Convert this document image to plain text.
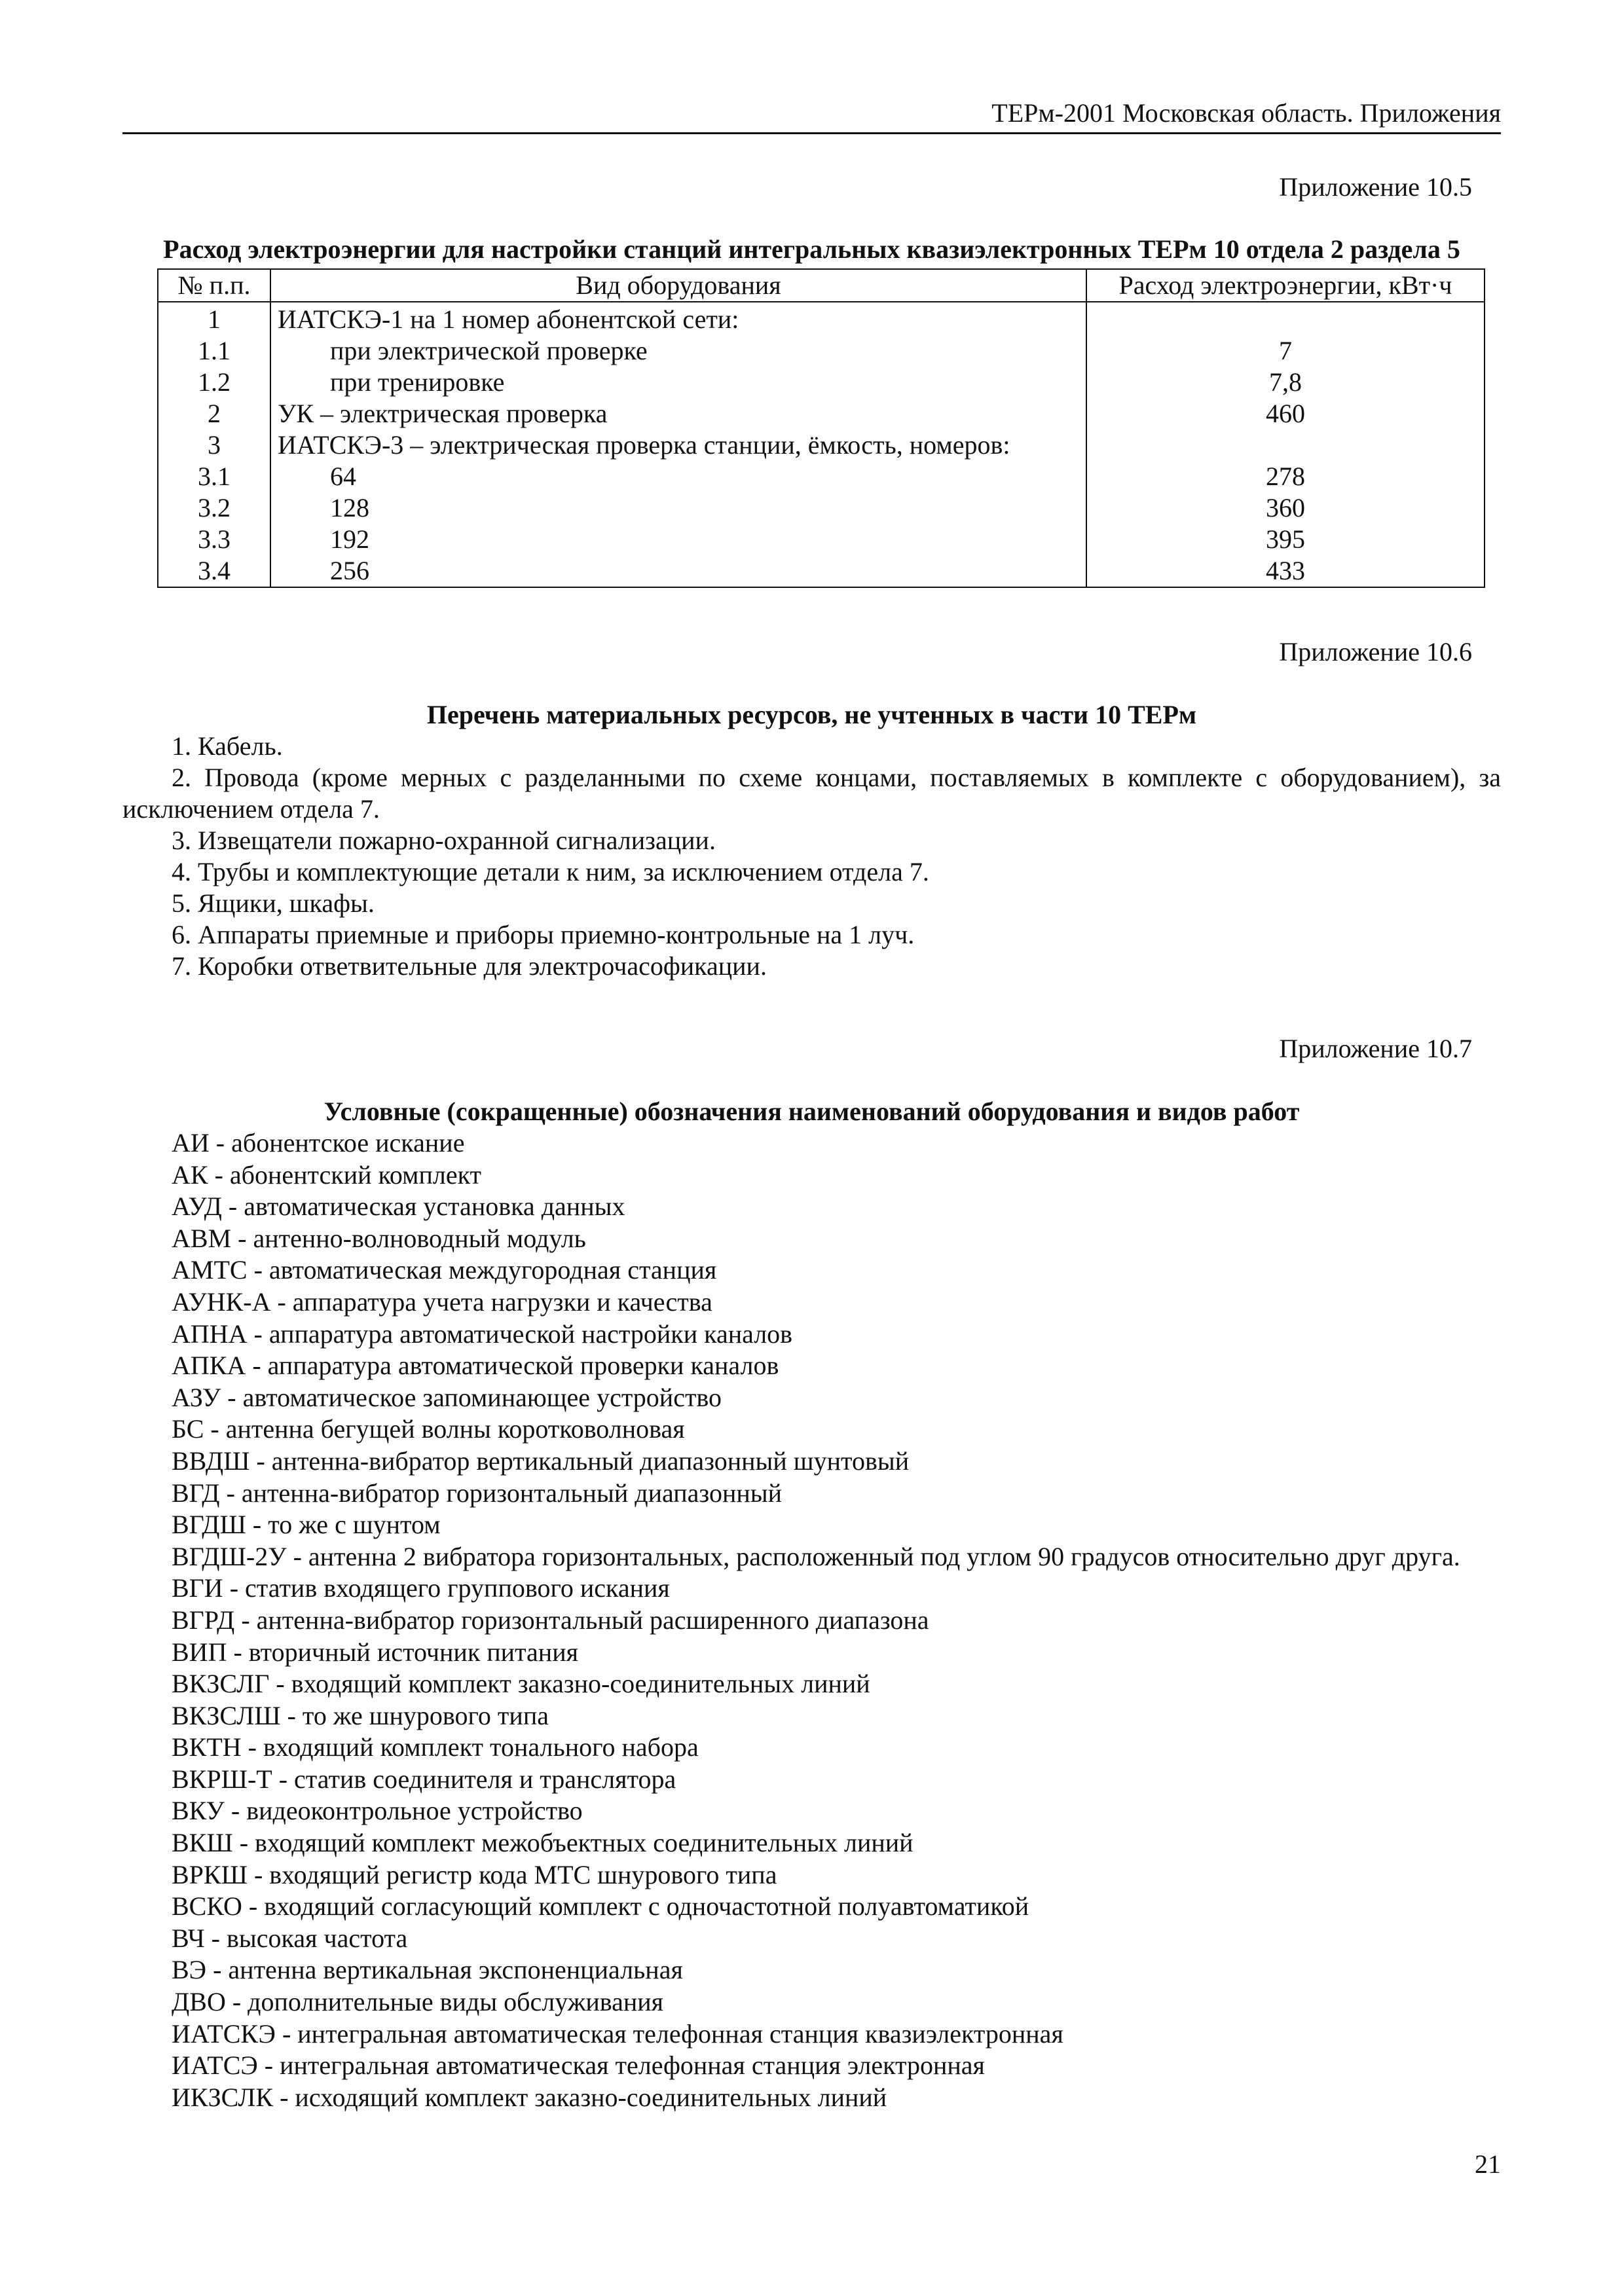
ТЕРм-2001 Московская область. Приложения
Приложение 10.5
Расход электроэнергии для настройки станций интегральных квазиэлектронных ТЕРм 10 отдела 2 раздела 5
№ п.п.	Вид оборудования	Расход электроэнергии, кВт·ч
1	ИАТСКЭ-1 на 1 номер абонентской сети:	
1.1	при электрической проверке	7
1.2	при тренировке	7,8
2	УК – электрическая проверка	460
3	ИАТСКЭ-3 – электрическая проверка станции, ёмкость, номеров:	
3.1	64	278
3.2	128	360
3.3	192	395
3.4	256	433
Приложение 10.6
Перечень материальных ресурсов, не учтенных в части 10 ТЕРм

1. Кабель.

2. Провода (кроме мерных с разделанными по схеме концами, поставляемых в комплекте с оборудованием), за исключением отдела 7.

3. Извещатели пожарно-охранной сигнализации.

4. Трубы и комплектующие детали к ним, за исключением отдела 7.

5. Ящики, шкафы.

6. Аппараты приемные и приборы приемно-контрольные на 1 луч.

7. Коробки ответвительные для электрочасофикации.

Приложение 10.7
Условные (сокращенные) обозначения наименований оборудования и видов работ

АИ - абонентское искание

АК - абонентский комплект

АУД - автоматическая установка данных

АВМ - антенно-волноводный модуль

АМТС - автоматическая междугородная станция

АУНК-А - аппаратура учета нагрузки и качества

АПНА - аппаратура автоматической настройки каналов

АПКА - аппаратура автоматической проверки каналов

АЗУ - автоматическое запоминающее устройство

БС - антенна бегущей волны коротковолновая

ВВДШ - антенна-вибратор вертикальный диапазонный шунтовый

ВГД - антенна-вибратор горизонтальный диапазонный

ВГДШ - то же с шунтом

ВГДШ-2У - антенна 2 вибратора горизонтальных, расположенный под углом 90 градусов относительно друг друга.

ВГИ - статив входящего группового искания

ВГРД - антенна-вибратор горизонтальный расширенного диапазона

ВИП - вторичный источник питания

ВКЗСЛГ - входящий комплект заказно-соединительных линий

ВКЗСЛШ - то же шнурового типа

ВКТН - входящий комплект тонального набора

ВКРШ-Т - статив соединителя и транслятора

ВКУ - видеоконтрольное устройство

ВКШ - входящий комплект межобъектных соединительных линий

ВРКШ - входящий регистр кода МТС шнурового типа

ВСКО - входящий согласующий комплект с одночастотной полуавтоматикой

ВЧ - высокая частота

ВЭ - антенна вертикальная экспоненциальная

ДВО - дополнительные виды обслуживания

ИАТСКЭ - интегральная автоматическая телефонная станция квазиэлектронная

ИАТСЭ - интегральная автоматическая телефонная станция электронная

ИКЗСЛК - исходящий комплект заказно-соединительных линий

21
